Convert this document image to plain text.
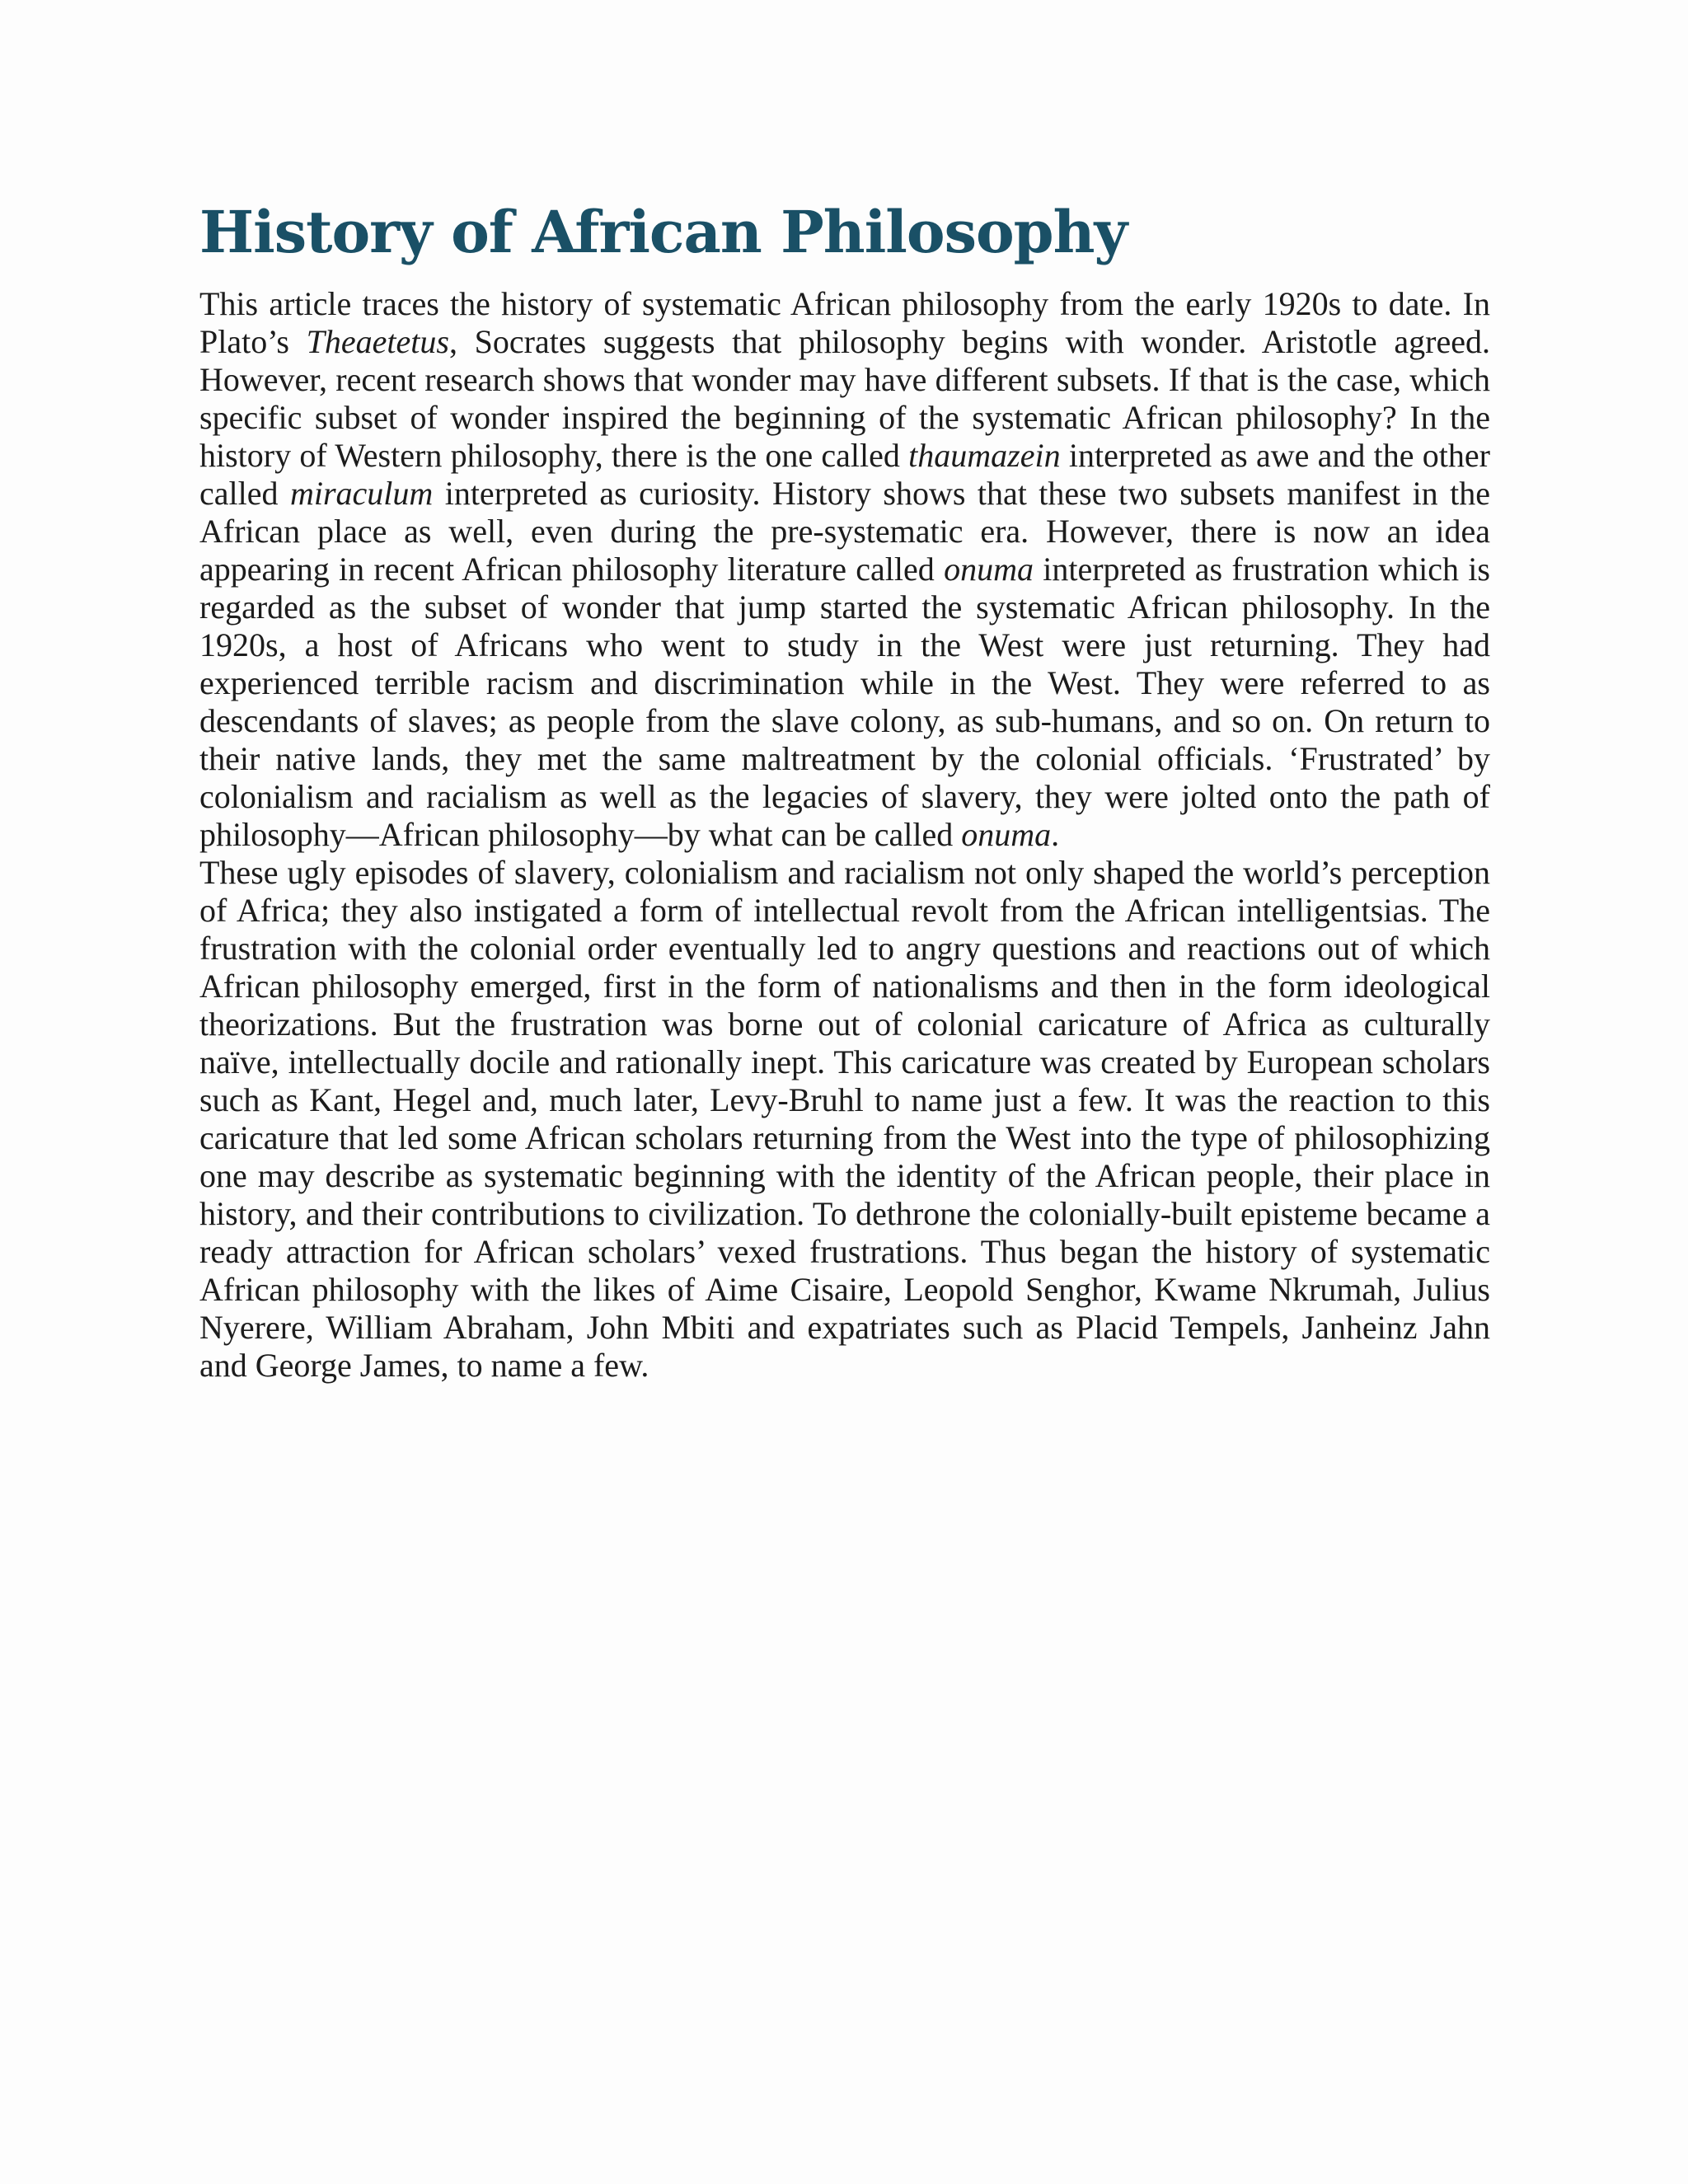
History of African Philosophy

This article traces the history of systematic African philosophy from the early 1920s to date. In Plato’s Theaetetus, Socrates suggests that philosophy begins with wonder. Aristotle agreed. However, recent research shows that wonder may have different subsets. If that is the case, which specific subset of wonder inspired the beginning of the systematic African philosophy? In the history of Western philosophy, there is the one called thaumazein interpreted as awe and the other called miraculum interpreted as curiosity. History shows that these two subsets manifest in the African place as well, even during the pre-systematic era. However, there is now an idea appearing in recent African philosophy literature called onuma interpreted as frustration which is regarded as the subset of wonder that jump started the systematic African philosophy. In the 1920s, a host of Africans who went to study in the West were just returning. They had experienced terrible racism and discrimination while in the West. They were referred to as descendants of slaves; as people from the slave colony, as sub-humans, and so on. On return to their native lands, they met the same maltreatment by the colonial officials. ‘Frustrated’ by colonialism and racialism as well as the legacies of slavery, they were jolted onto the path of philosophy—African philosophy—by what can be called onuma.

These ugly episodes of slavery, colonialism and racialism not only shaped the world’s perception of Africa; they also instigated a form of intellectual revolt from the African intelligentsias. The frustration with the colonial order eventually led to angry questions and reactions out of which African philosophy emerged, first in the form of nationalisms and then in the form ideological theorizations. But the frustration was borne out of colonial caricature of Africa as culturally naïve, intellectually docile and rationally inept. This caricature was created by European scholars such as Kant, Hegel and, much later, Levy-Bruhl to name just a few. It was the reaction to this caricature that led some African scholars returning from the West into the type of philosophizing one may describe as systematic beginning with the identity of the African people, their place in history, and their contributions to civilization. To dethrone the colonially-built episteme became a ready attraction for African scholars’ vexed frustrations. Thus began the history of systematic African philosophy with the likes of Aime Cisaire, Leopold Senghor, Kwame Nkrumah, Julius Nyerere, William Abraham, John Mbiti and expatriates such as Placid Tempels, Janheinz Jahn and George James, to name a few.
